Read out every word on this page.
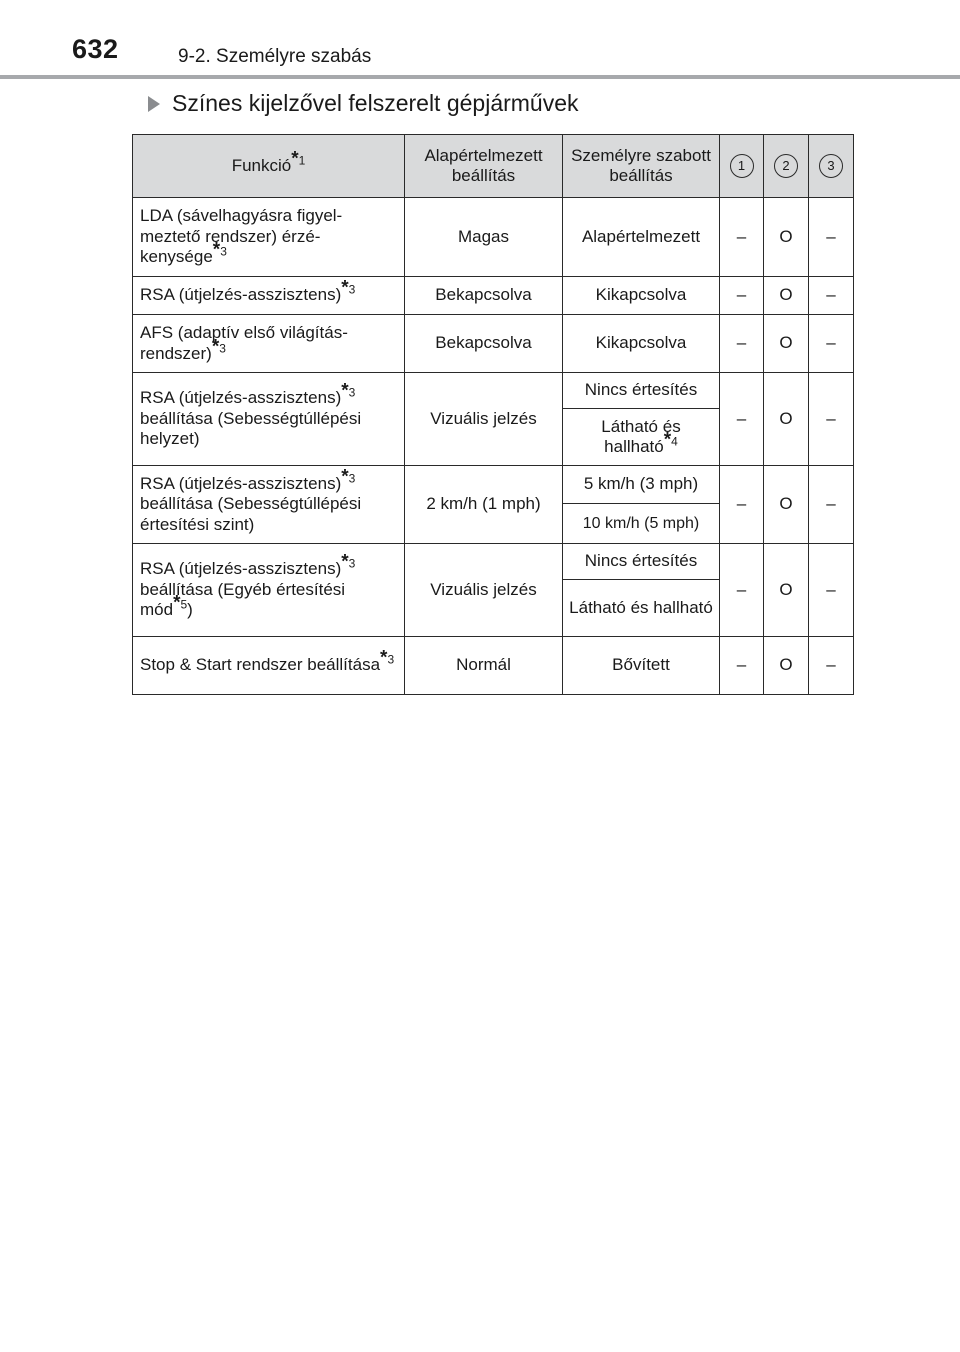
632	9-2. Személyre szabás
Színes kijelzővel felszerelt gépjárművek
Funkció*$^1$	Alapértelmezett beállítás	Személyre szabott beállítás	1	2	3
LDA (sávelhagyásra figyel-meztető rendszer) érzé-kenysége*$^3$	Magas	Alapértelmezett	–	O	–
RSA (útjelzés-asszisztens)*$^3$	Bekapcsolva	Kikapcsolva	–	O	–
AFS (adaptív első világítás-rendszer)*$^3$	Bekapcsolva	Kikapcsolva	–	O	–
RSA (útjelzés-asszisztens)*$^3$
beállítása (Sebességtúllépési helyzet)	Vizuális jelzés	Nincs értesítés	–	O	–
		Látható és hallható*$^4$
RSA (útjelzés-asszisztens)*$^3$
beállítása (Sebességtúllépési értesítési szint)	2 km/h (1 mph)	5 km/h (3 mph)	–	O	–
		10 km/h (5 mph)			
RSA (útjelzés-asszisztens)*$^3$
beállítása (Egyéb értesítési mód*$^5$)	Vizuális jelzés	Nincs értesítés	–	O	–
		Látható és hallható			
Stop & Start rendszer beállítása*$^3$	Normál	Bővített	–	O	–
